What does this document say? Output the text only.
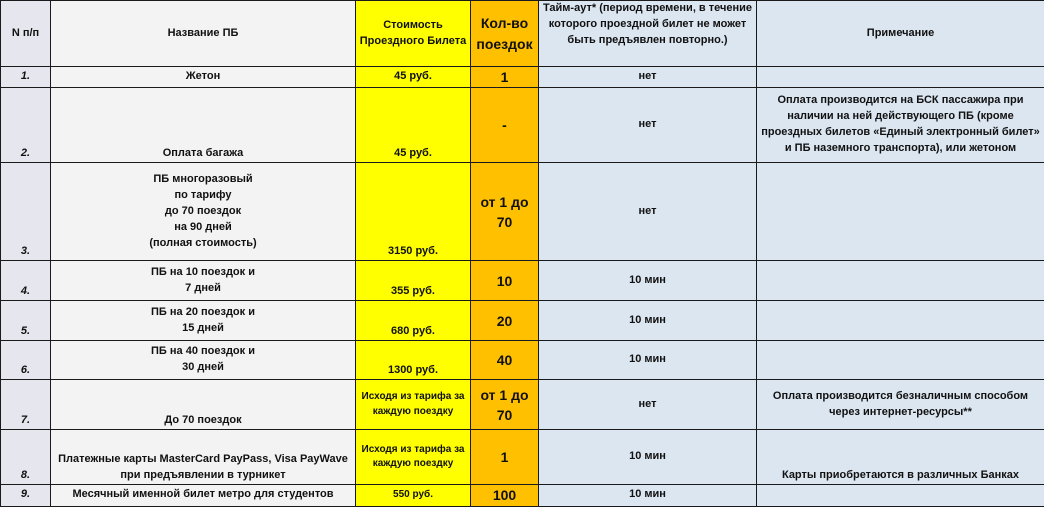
N п/п	Название ПБ	Стоимость Проездного Билета	Кол-во поездок	Тайм-аут* (период времени, в течение которого проездной билет не может быть предъявлен повторно.)	Примечание
1.	Жетон	45 руб.	1	нет	
2.	Оплата багажа	45 руб.	-	нет	Оплата производится на БСК пассажира при наличии на ней действующего ПБ (кроме проездных билетов «Единый электронный билет» и ПБ наземного транспорта), или жетоном
3.	ПБ многоразовый
по тарифу
до 70 поездок
на 90 дней
(полная стоимость)	3150 руб.	от 1 до 70	нет	
4.	ПБ на 10 поездок и
7 дней	355 руб.	10	10 мин	
5.	ПБ на 20 поездок и
15 дней	680 руб.	20	10 мин	
6.	ПБ на 40 поездок и
30 дней	1300 руб.	40	10 мин	
7.	До 70 поездок	Исходя из тарифа за каждую поездку	от 1 до 70	нет	Оплата производится безналичным способом через интернет-ресурсы**
8.	Платежные карты MasterCard PayPass, Visa PayWave
при предъявлении в турникет	Исходя из тарифа за каждую поездку	1	10 мин	Карты приобретаются в различных Банках
9.	Месячный именной билет метро для студентов	550 руб.	100	10 мин	
